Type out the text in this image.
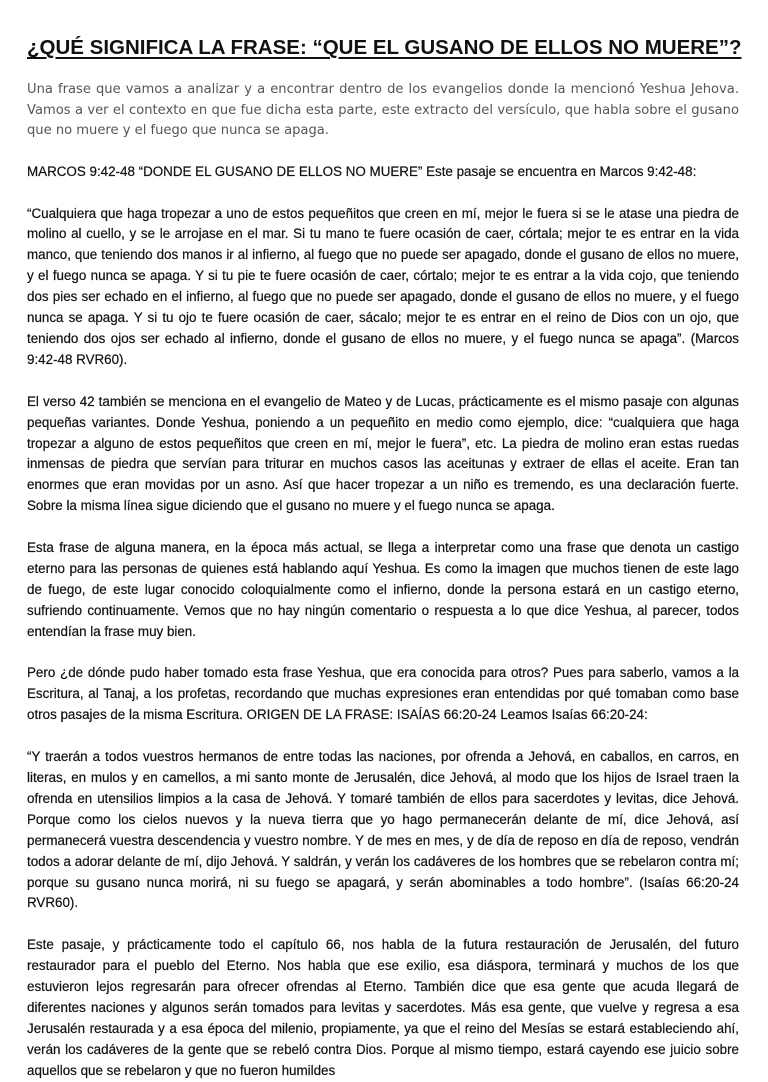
¿QUÉ SIGNIFICA LA FRASE: “QUE EL GUSANO DE ELLOS NO MUERE”?

Una frase que vamos a analizar y a encontrar dentro de los evangelios donde la mencionó Yeshua Jehova. Vamos a ver el contexto en que fue dicha esta parte, este extracto del versículo, que habla sobre el gusano que no muere y el fuego que nunca se apaga.

MARCOS 9:42-48 “DONDE EL GUSANO DE ELLOS NO MUERE” Este pasaje se encuentra en Marcos 9:42-48:

“Cualquiera que haga tropezar a uno de estos pequeñitos que creen en mí, mejor le fuera si se le atase una piedra de molino al cuello, y se le arrojase en el mar. Si tu mano te fuere ocasión de caer, córtala; mejor te es entrar en la vida manco, que teniendo dos manos ir al infierno, al fuego que no puede ser apagado, donde el gusano de ellos no muere, y el fuego nunca se apaga. Y si tu pie te fuere ocasión de caer, córtalo; mejor te es entrar a la vida cojo, que teniendo dos pies ser echado en el infierno, al fuego que no puede ser apagado, donde el gusano de ellos no muere, y el fuego nunca se apaga. Y si tu ojo te fuere ocasión de caer, sácalo; mejor te es entrar en el reino de Dios con un ojo, que teniendo dos ojos ser echado al infierno, donde el gusano de ellos no muere, y el fuego nunca se apaga”. (Marcos 9:42-48 RVR60).

El verso 42 también se menciona en el evangelio de Mateo y de Lucas, prácticamente es el mismo pasaje con algunas pequeñas variantes. Donde Yeshua, poniendo a un pequeñito en medio como ejemplo, dice: “cualquiera que haga tropezar a alguno de estos pequeñitos que creen en mí, mejor le fuera”, etc. La piedra de molino eran estas ruedas inmensas de piedra que servían para triturar en muchos casos las aceitunas y extraer de ellas el aceite. Eran tan enormes que eran movidas por un asno. Así que hacer tropezar a un niño es tremendo, es una declaración fuerte. Sobre la misma línea sigue diciendo que el gusano no muere y el fuego nunca se apaga.

Esta frase de alguna manera, en la época más actual, se llega a interpretar como una frase que denota un castigo eterno para las personas de quienes está hablando aquí Yeshua. Es como la imagen que muchos tienen de este lago de fuego, de este lugar conocido coloquialmente como el infierno, donde la persona estará en un castigo eterno, sufriendo continuamente. Vemos que no hay ningún comentario o respuesta a lo que dice Yeshua, al parecer, todos entendían la frase muy bien.

Pero ¿de dónde pudo haber tomado esta frase Yeshua, que era conocida para otros? Pues para saberlo, vamos a la Escritura, al Tanaj, a los profetas, recordando que muchas expresiones eran entendidas por qué tomaban como base otros pasajes de la misma Escritura. ORIGEN DE LA FRASE: ISAÍAS 66:20-24 Leamos Isaías 66:20-24:

“Y traerán a todos vuestros hermanos de entre todas las naciones, por ofrenda a Jehová, en caballos, en carros, en literas, en mulos y en camellos, a mi santo monte de Jerusalén, dice Jehová, al modo que los hijos de Israel traen la ofrenda en utensilios limpios a la casa de Jehová. Y tomaré también de ellos para sacerdotes y levitas, dice Jehová. Porque como los cielos nuevos y la nueva tierra que yo hago permanecerán delante de mí, dice Jehová, así permanecerá vuestra descendencia y vuestro nombre. Y de mes en mes, y de día de reposo en día de reposo, vendrán todos a adorar delante de mí, dijo Jehová. Y saldrán, y verán los cadáveres de los hombres que se rebelaron contra mí; porque su gusano nunca morirá, ni su fuego se apagará, y serán abominables a todo hombre”. (Isaías 66:20-24 RVR60).

Este pasaje, y prácticamente todo el capítulo 66, nos habla de la futura restauración de Jerusalén, del futuro restaurador para el pueblo del Eterno. Nos habla que ese exilio, esa diáspora, terminará y muchos de los que estuvieron lejos regresarán para ofrecer ofrendas al Eterno. También dice que esa gente que acuda llegará de diferentes naciones y algunos serán tomados para levitas y sacerdotes. Más esa gente, que vuelve y regresa a esa Jerusalén restaurada y a esa época del milenio, propiamente, ya que el reino del Mesías se estará estableciendo ahí, verán los cadáveres de la gente que se rebeló contra Dios. Porque al mismo tiempo, estará cayendo ese juicio sobre aquellos que se rebelaron y que no fueron humildes
